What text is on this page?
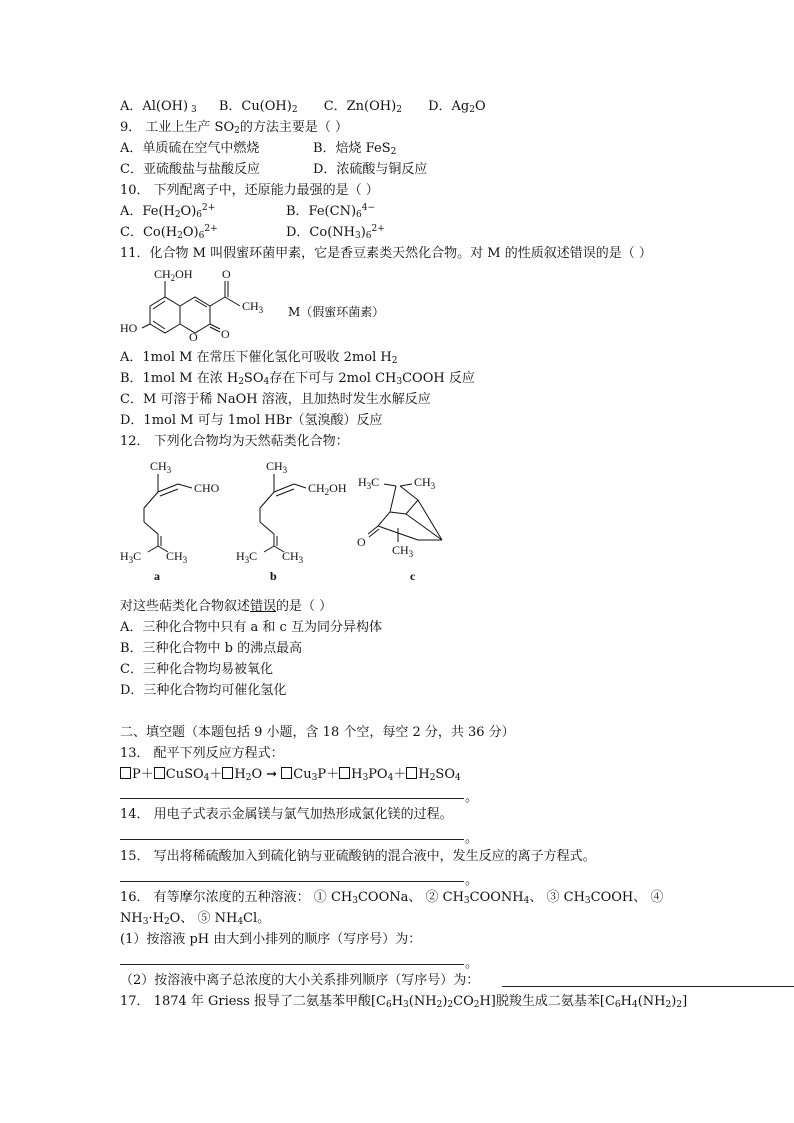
A．Al(OH) $_3$ B．$Cu(OH)_2$ C．$Zn(OH)_2$ D．$Ag_2O$
9． 工业上生产 $SO_2$的方法主要是（ ）
A．单质硫在空气中燃烧	B．焙烧 FeS$_2$
C．亚硫酸盐与盐酸反应	D．浓硫酸与铜反应
10． 下列配离子中，还原能力最强的是（ ）
A．$Fe(H_2O)_6^{2+}$	B．$Fe(CN)_6^{4-}$
C．$Co(H_2O)_6^{2+}$	D．$Co(NH_3)_6^{2+}$
11．化合物 M 叫假蜜环菌甲素，它是香豆素类天然化合物。对 M 的性质叙述错误的是（ ）
$CH_2OH$ O
$CH_3$
HO
O O
M（假蜜环菌素）
A．1mol M 在常压下催化氢化可吸收 2mol $H_2$
B．1mol M 在浓 $H_2SO_4$存在下可与 2mol $CH_3COOH$ 反应
C．M 可溶于稀 NaOH 溶液，且加热时发生水解反应
D．1mol M 可与 1mol HBr（氢溴酸）反应
12． 下列化合物均为天然萜类化合物：
$CH_3$
CHO
$H_3C$ $CH_3$
$CH_3$
$CH_2OH$
$H_3C$ $CH_3$
$H_3C$	$CH_3$
O
$CH_3$
a	b	c
对这些萜类化合物叙述错误的是（ ）
A．三种化合物中只有 a 和 c 互为同分异构体
B．三种化合物中 b 的沸点最高
C．三种化合物均易被氧化
D．三种化合物均可催化氢化
二、填空题（本题包括 9 小题，含 18 个空，每空 2 分，共 36 分）
13． 配平下列反应方程式：
P＋ CuSO$_4$＋ $H_2O$ ➞ $Cu_3P+ H_3PO_4+ H_2SO_4$
。
14． 用电子式表示金属镁与氯气加热形成氯化镁的过程。
。
15． 写出将稀硫酸加入到硫化钠与亚硫酸钠的混合液中，发生反应的离子方程式。
。
16． 有等摩尔浓度的五种溶液： ① $CH_3COONa$、 ② $CH_3COONH_4$、 ③ $CH_3COOH$、 ④
$NH_3\cdot H_2O$、 ⑤ $NH_4Cl$。
(1）按溶液 pH 由大到小排列的顺序（写序号）为：
。
（2）按溶液中离子总浓度的大小关系排列顺序（写序号）为：
17． 1874 年 Griess 报导了二氨基苯甲酸$[C_6H_3(NH_2)_2CO_2H]$脱羧生成二氨基苯$[C_6H_4(NH_2)_2]$
